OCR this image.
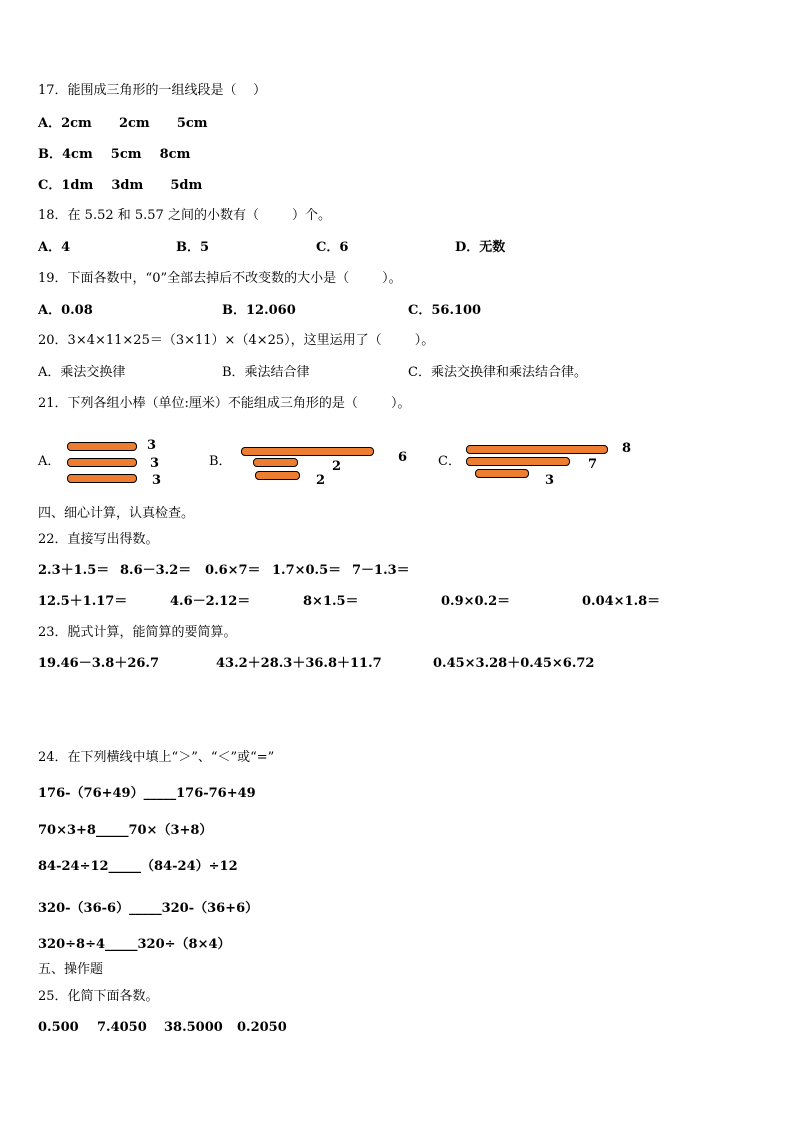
17．能围成三角形的一组线段是（    ）
A．2cm      2cm      5cm
B．4cm    5cm    8cm
C．1dm    3dm      5dm
18．在 5.52 和 5.57 之间的小数有（        ）个。
A．4	B．5	C．6	D．无数
19．下面各数中，“0”全部去掉后不改变数的大小是（        ）。
A．0.08	B．12.060	C．56.100
20．3×4×11×25＝（3×11）×（4×25），这里运用了（        ）。
A．乘法交换律	B．乘法结合律	C．乘法交换律和乘法结合律。
21．下列各组小棒（单位:厘米）不能组成三角形的是（        ）。
A．
3
3
3
B．	6
2
2
C．
8
7
3
四、细心计算，认真检查。
22．直接写出得数。
2.3＋1.5＝ 8.6－3.2＝ 0.6×7＝ 1.7×0.5＝ 7－1.3＝
12.5＋1.17＝	4.6－2.12＝	8×1.5＝	0.9×0.2＝	0.04×1.8＝
23．脱式计算，能简算的要简算。
19.46－3.8＋26.7	43.2＋28.3＋36.8＋11.7	0.45×3.28＋0.45×6.72
24．在下列横线中填上“＞”、“＜”或“=”
176-（76+49）_____176-76+49
70×3+8_____70×（3+8）
84-24÷12_____（84-24）÷12
320-（36-6）_____320-（36+6）
320÷8÷4_____320÷（8×4）
五、操作题
25．化简下面各数。
0.500 7.4050 38.5000 0.2050
